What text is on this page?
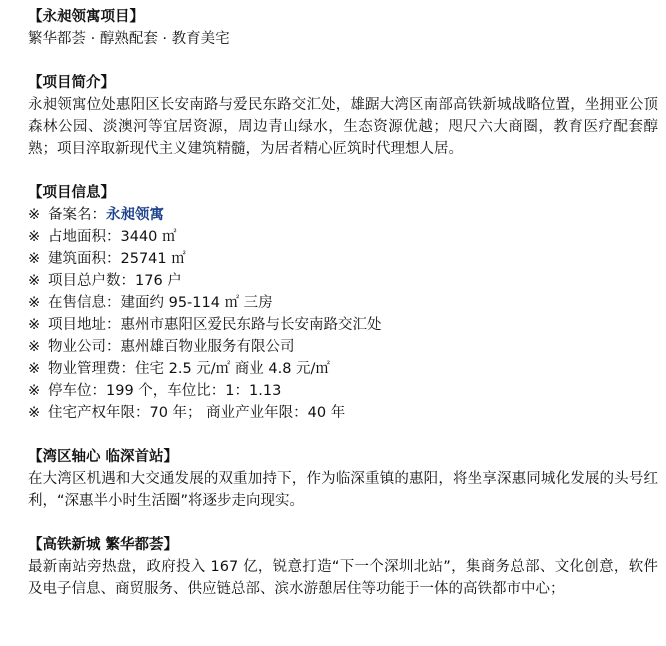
【永昶领寓项目】
繁华都荟 · 醇熟配套 · 教育美宅
【项目简介】
永昶领寓位处惠阳区长安南路与爱民东路交汇处，雄踞大湾区南部高铁新城战略位置，坐拥亚公顶森林公园、淡澳河等宜居资源，周边青山绿水，生态资源优越；咫尺六大商圈，教育医疗配套醇熟；项目淬取新现代主义建筑精髓，为居者精心匠筑时代理想人居。
【项目信息】
※ 备案名：永昶领寓
※ 占地面积：3440 ㎡
※ 建筑面积：25741 ㎡
※ 项目总户数：176 户
※ 在售信息：建面约 95-114 ㎡ 三房
※ 项目地址：惠州市惠阳区爱民东路与长安南路交汇处
※ 物业公司：惠州雄百物业服务有限公司
※ 物业管理费：住宅 2.5 元/㎡ 商业 4.8 元/㎡
※ 停车位：199 个，车位比：1：1.13
※ 住宅产权年限：70 年； 商业产业年限：40 年
【湾区轴心 临深首站】
在大湾区机遇和大交通发展的双重加持下，作为临深重镇的惠阳，将坐享深惠同城化发展的头号红利，“深惠半小时生活圈”将逐步走向现实。
【高铁新城 繁华都荟】
最新南站旁热盘，政府投入 167 亿，锐意打造“下一个深圳北站”，集商务总部、文化创意，软件及电子信息、商贸服务、供应链总部、滨水游憩居住等功能于一体的高铁都市中心；
